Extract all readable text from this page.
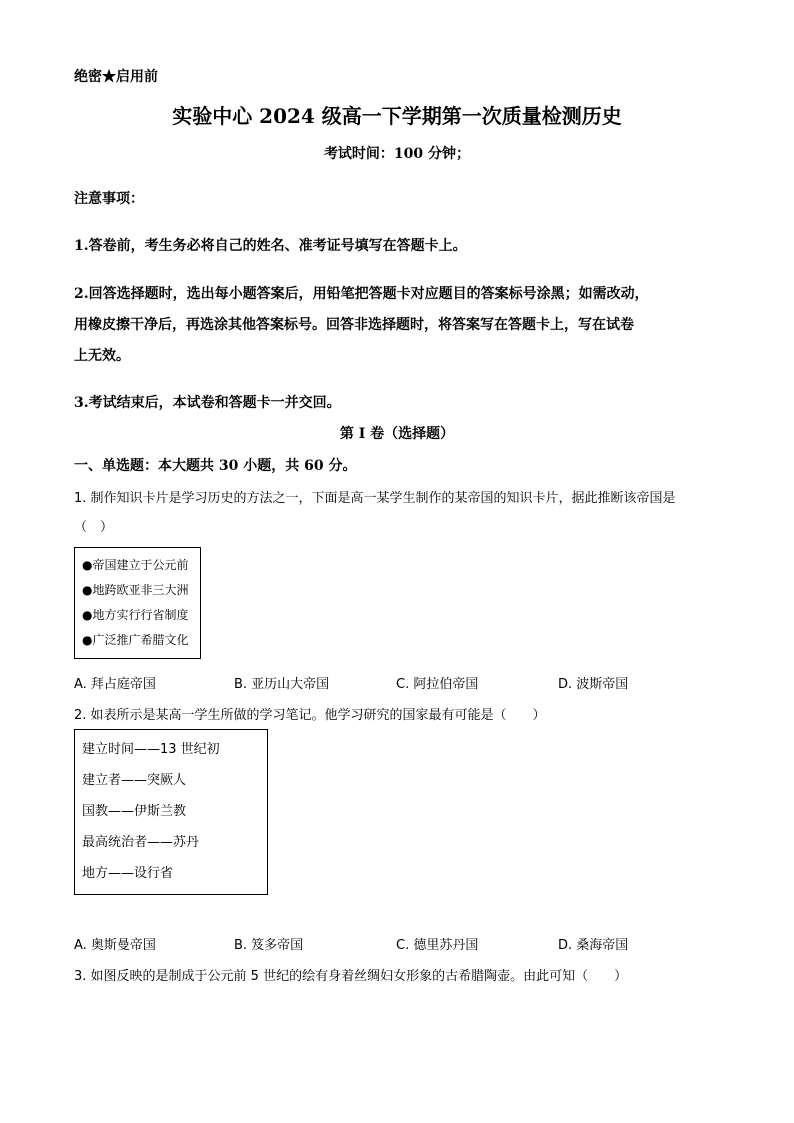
绝密★启用前
实验中心 2024 级高一下学期第一次质量检测历史
考试时间：100 分钟；
注意事项：
1.答卷前，考生务必将自己的姓名、准考证号填写在答题卡上。
2.回答选择题时，选出每小题答案后，用铅笔把答题卡对应题目的答案标号涂黑；如需改动，
用橡皮擦干净后，再选涂其他答案标号。回答非选择题时，将答案写在答题卡上，写在试卷
上无效。
3.考试结束后，本试卷和答题卡一并交回。
第 I 卷（选择题）
一、单选题：本大题共 30 小题，共 60 分。
1. 制作知识卡片是学习历史的方法之一，下面是高一某学生制作的某帝国的知识卡片，据此推断该帝国是
（　）
●帝国建立于公元前
●地跨欧亚非三大洲
●地方实行行省制度
●广泛推广希腊文化
A. 拜占庭帝国	B. 亚历山大帝国	C. 阿拉伯帝国	D. 波斯帝国
2. 如表所示是某高一学生所做的学习笔记。他学习研究的国家最有可能是（　　）
建立时间——13 世纪初
建立者——突厥人
国教——伊斯兰教
最高统治者——苏丹
地方——设行省
A. 奥斯曼帝国	B. 笈多帝国	C. 德里苏丹国	D. 桑海帝国
3. 如图反映的是制成于公元前 5 世纪的绘有身着丝绸妇女形象的古希腊陶壶。由此可知（　　）
